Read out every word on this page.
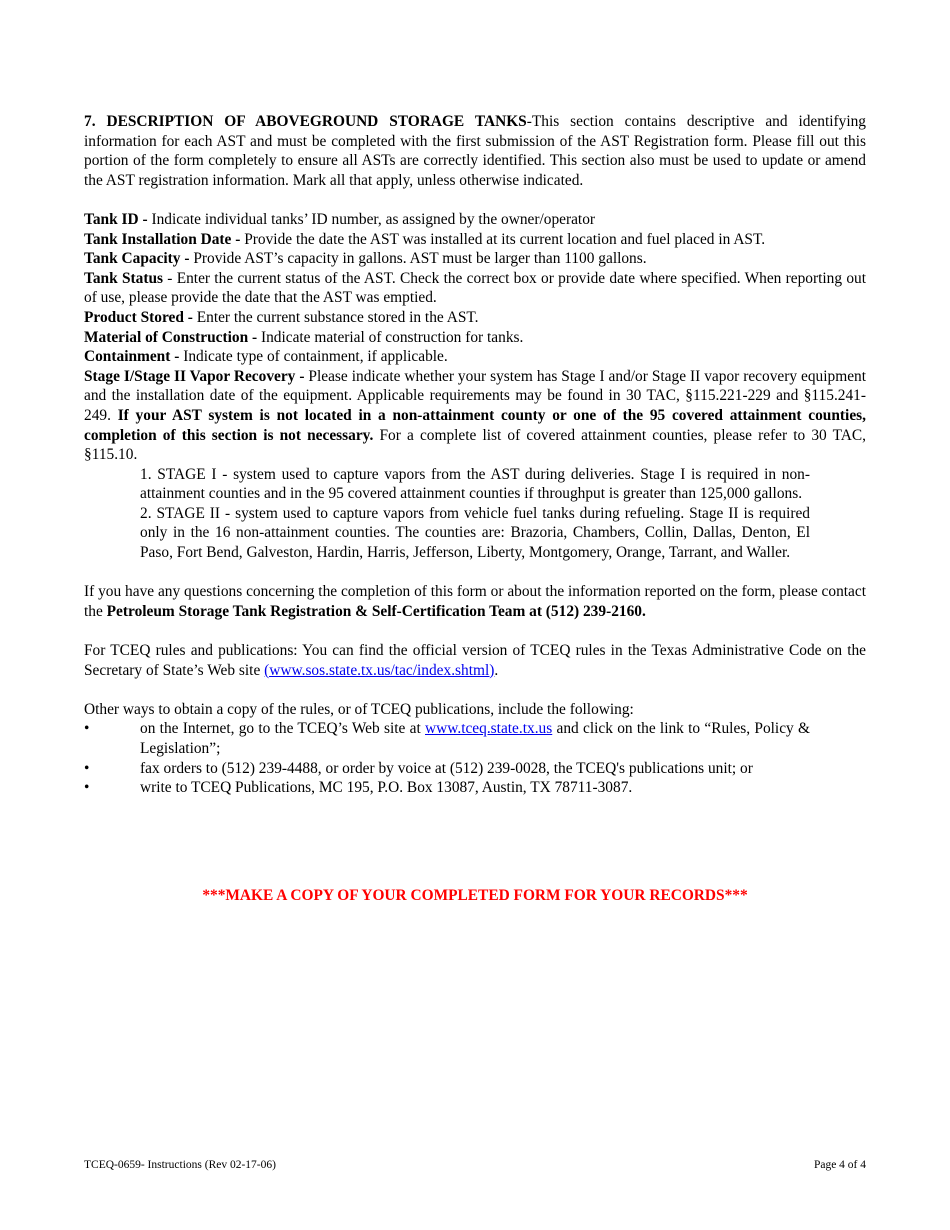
7. DESCRIPTION OF ABOVEGROUND STORAGE TANKS-This section contains descriptive and identifying information for each AST and must be completed with the first submission of the AST Registration form. Please fill out this portion of the form completely to ensure all ASTs are correctly identified. This section also must be used to update or amend the AST registration information. Mark all that apply, unless otherwise indicated.

Tank ID - Indicate individual tanks’ ID number, as assigned by the owner/operator

Tank Installation Date - Provide the date the AST was installed at its current location and fuel placed in AST.

Tank Capacity - Provide AST’s capacity in gallons. AST must be larger than 1100 gallons.

Tank Status - Enter the current status of the AST. Check the correct box or provide date where specified. When reporting out of use, please provide the date that the AST was emptied.

Product Stored - Enter the current substance stored in the AST.

Material of Construction - Indicate material of construction for tanks.

Containment - Indicate type of containment, if applicable.

Stage I/Stage II Vapor Recovery - Please indicate whether your system has Stage I and/or Stage II vapor recovery equipment and the installation date of the equipment. Applicable requirements may be found in 30 TAC, §115.221-229 and §115.241-249. If your AST system is not located in a non-attainment county or one of the 95 covered attainment counties, completion of this section is not necessary. For a complete list of covered attainment counties, please refer to 30 TAC, §115.10.

1. STAGE I - system used to capture vapors from the AST during deliveries. Stage I is required in non-attainment counties and in the 95 covered attainment counties if throughput is greater than 125,000 gallons.

2. STAGE II - system used to capture vapors from vehicle fuel tanks during refueling. Stage II is required only in the 16 non-attainment counties. The counties are: Brazoria, Chambers, Collin, Dallas, Denton, El Paso, Fort Bend, Galveston, Hardin, Harris, Jefferson, Liberty, Montgomery, Orange, Tarrant, and Waller.

If you have any questions concerning the completion of this form or about the information reported on the form, please contact the Petroleum Storage Tank Registration & Self-Certification Team at (512) 239-2160.

For TCEQ rules and publications: You can find the official version of TCEQ rules in the Texas Administrative Code on the Secretary of State’s Web site (www.sos.state.tx.us/tac/index.shtml).

Other ways to obtain a copy of the rules, or of TCEQ publications, include the following:

•	on the Internet, go to the TCEQ’s Web site at www.tceq.state.tx.us and click on the link to “Rules, Policy & Legislation”;
•	fax orders to (512) 239-4488, or order by voice at (512) 239-0028, the TCEQ's publications unit; or
•	write to TCEQ Publications, MC 195, P.O. Box 13087, Austin, TX 78711-3087.
***MAKE A COPY OF YOUR COMPLETED FORM FOR YOUR RECORDS***
TCEQ-0659- Instructions (Rev 02-17-06)	Page 4 of 4
